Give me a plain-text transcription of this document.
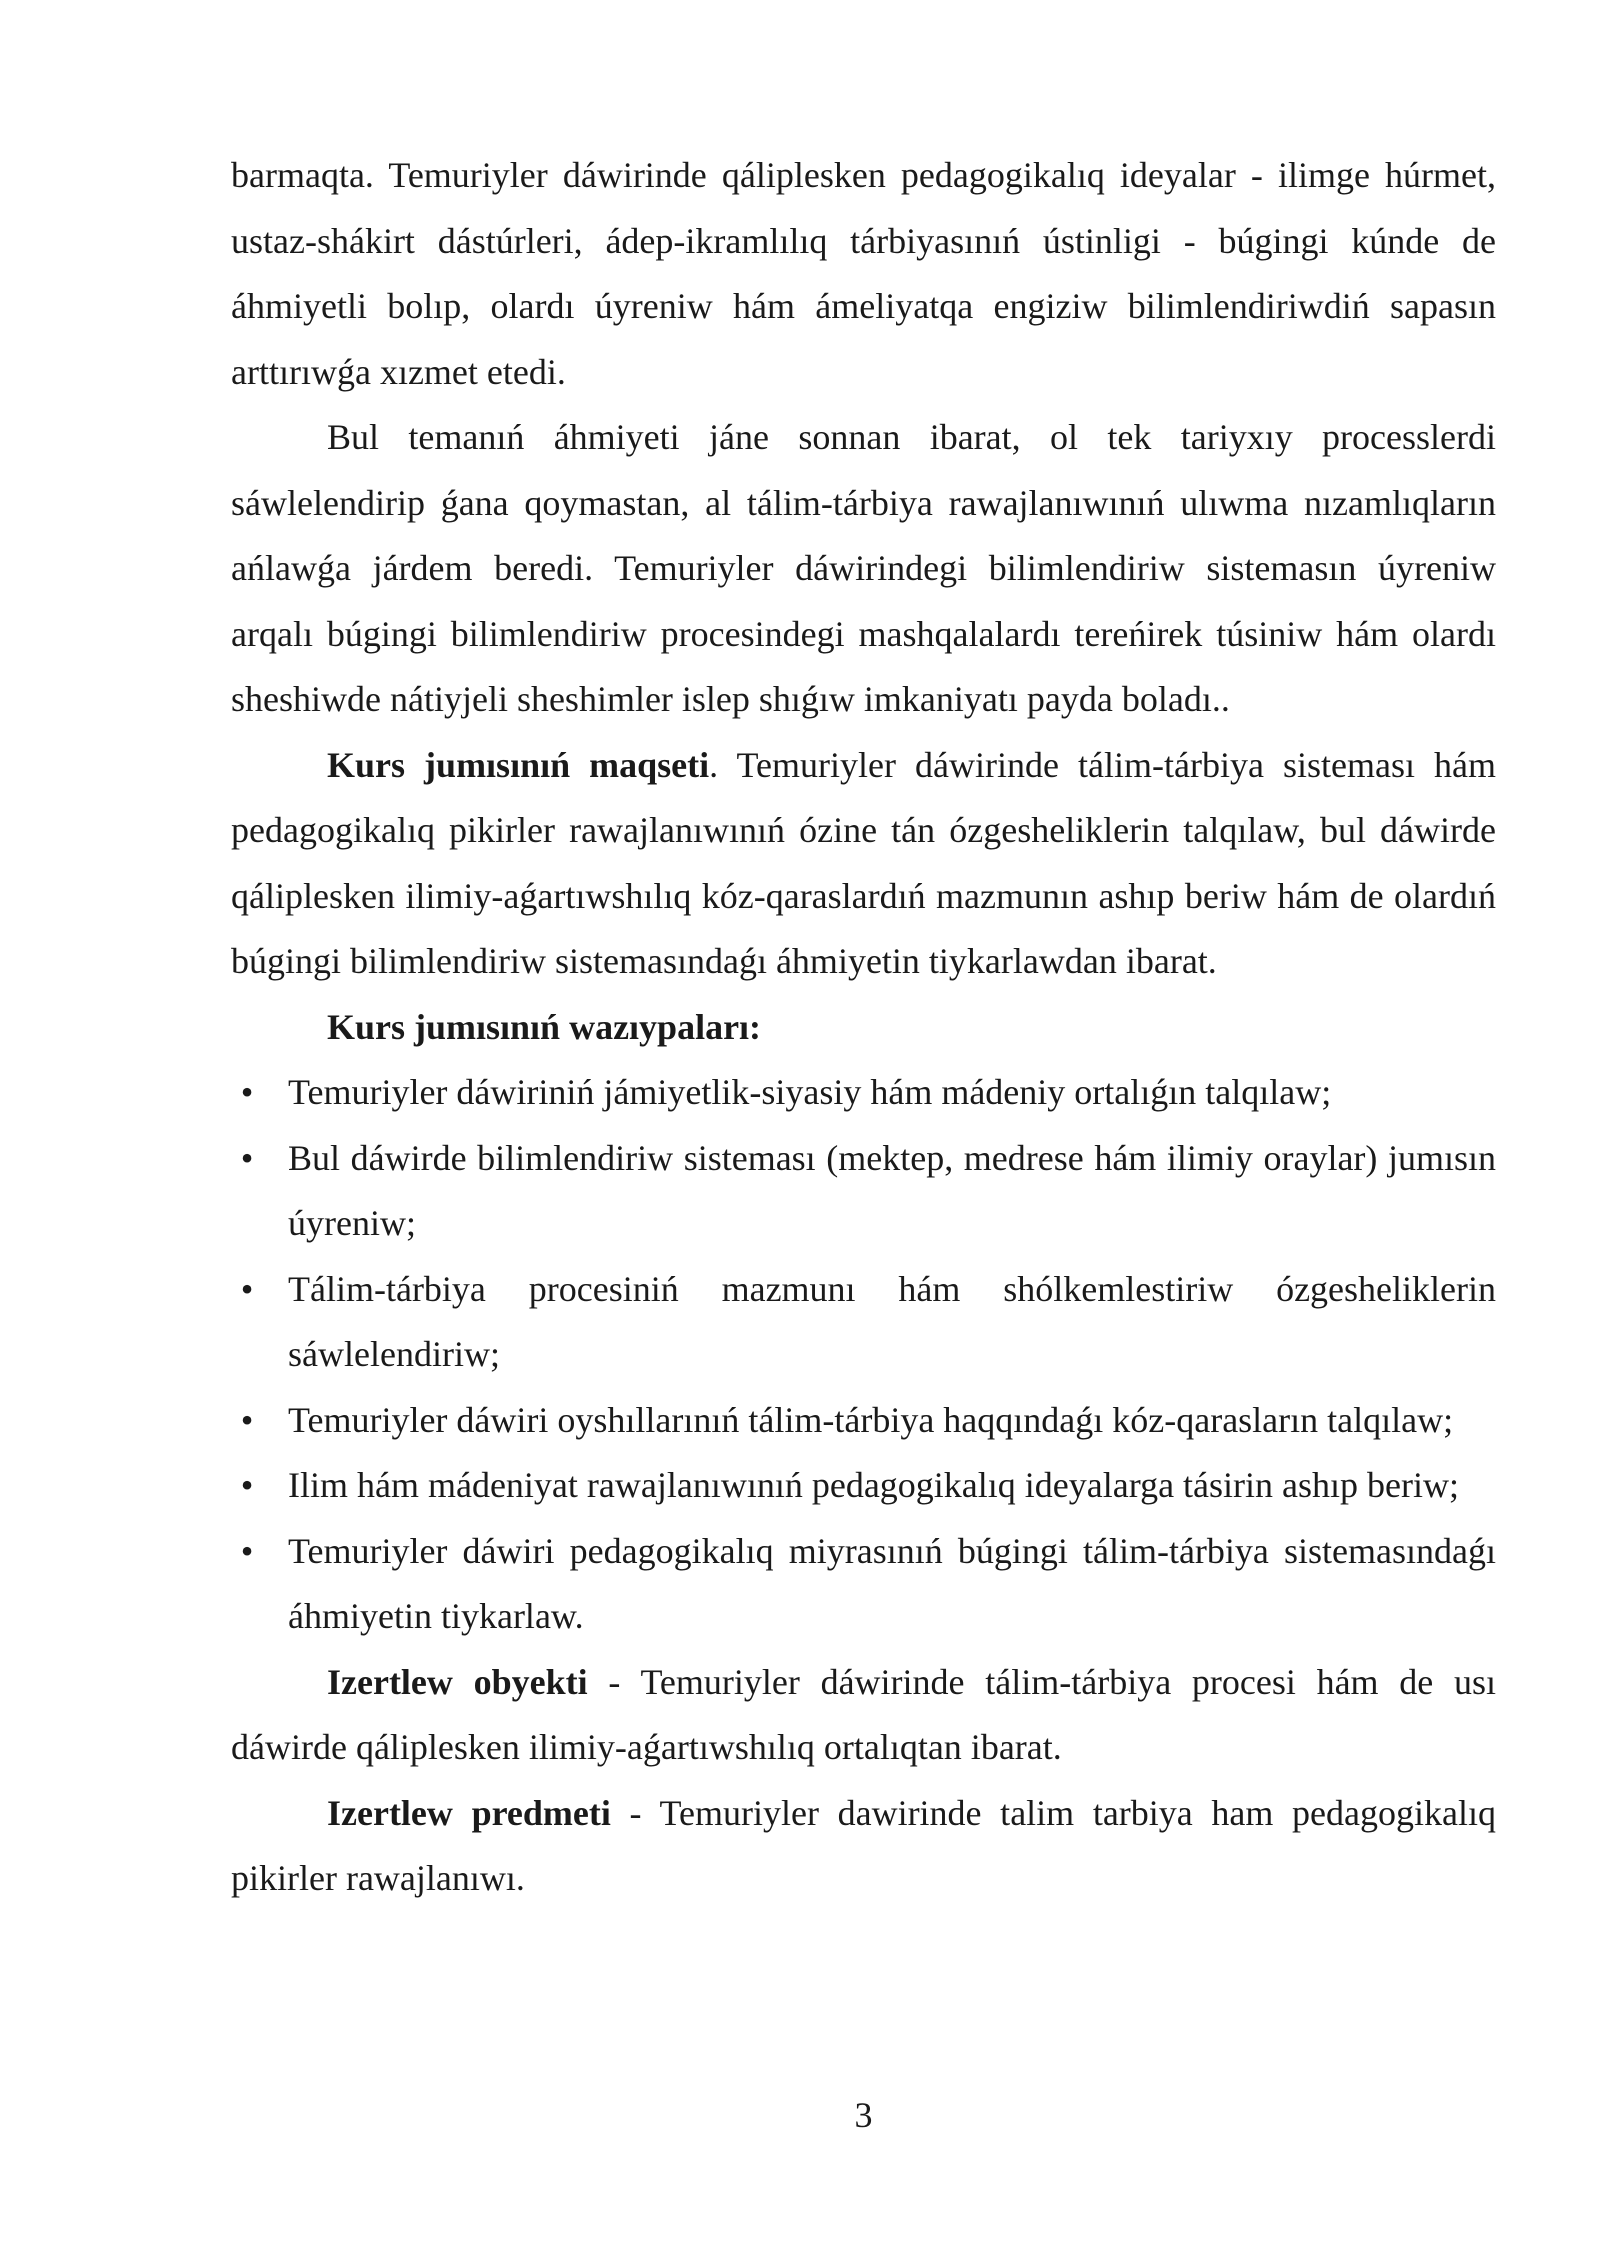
barmaqta. Temuriyler dáwirinde qáliplesken pedagogikalıq ideyalar - ilimge húrmet, ustaz-shákirt dástúrleri, ádep-ikramlılıq tárbiyasınıń ústinligi - búgingi kúnde de áhmiyetli bolıp, olardı úyreniw hám ámeliyatqa engiziw bilimlendiriwdiń sapasın arttırıwǵa xızmet etedi.

Bul temanıń áhmiyeti jáne sonnan ibarat, ol tek tariyxıy processlerdi sáwlelendirip ǵana qoymastan, al tálim-tárbiya rawajlanıwınıń ulıwma nızamlıqların ańlawǵa járdem beredi. Temuriyler dáwirindegi bilimlendiriw sistemasın úyreniw arqalı búgingi bilimlendiriw procesindegi mashqalalardı tereńirek túsiniw hám olardı sheshiwde nátiyjeli sheshimler islep shıǵıw imkaniyatı payda boladı..

Kurs jumısınıń maqseti. Temuriyler dáwirinde tálim-tárbiya sisteması hám pedagogikalıq pikirler rawajlanıwınıń ózine tán ózgesheliklerin talqılaw, bul dáwirde qáliplesken ilimiy-aǵartıwshılıq kóz-qaraslardıń mazmunın ashıp beriw hám de olardıń búgingi bilimlendiriw sistemasındaǵı áhmiyetin tiykarlawdan ibarat.

Kurs jumısınıń wazıypaları:

• Temuriyler dáwiriniń jámiyetlik-siyasiy hám mádeniy ortalıǵın talqılaw;
• Bul dáwirde bilimlendiriw sisteması (mektep, medrese hám ilimiy oraylar) jumısın úyreniw;
• Tálim-tárbiya procesiniń mazmunı hám shólkemlestiriw ózgesheliklerin sáwlelendiriw;
• Temuriyler dáwiri oyshıllarınıń tálim-tárbiya haqqındaǵı kóz-qarasların talqılaw;
• Ilim hám mádeniyat rawajlanıwınıń pedagogikalıq ideyalarga tásirin ashıp beriw;
• Temuriyler dáwiri pedagogikalıq miyrasınıń búgingi tálim-tárbiya sistemasındaǵı áhmiyetin tiykarlaw.

Izertlew obyekti - Temuriyler dáwirinde tálim-tárbiya procesi hám de usı dáwirde qáliplesken ilimiy-aǵartıwshılıq ortalıqtan ibarat.

Izertlew predmeti - Temuriyler dawirinde talim tarbiya ham pedagogikalıq pikirler rawajlanıwı.

3
